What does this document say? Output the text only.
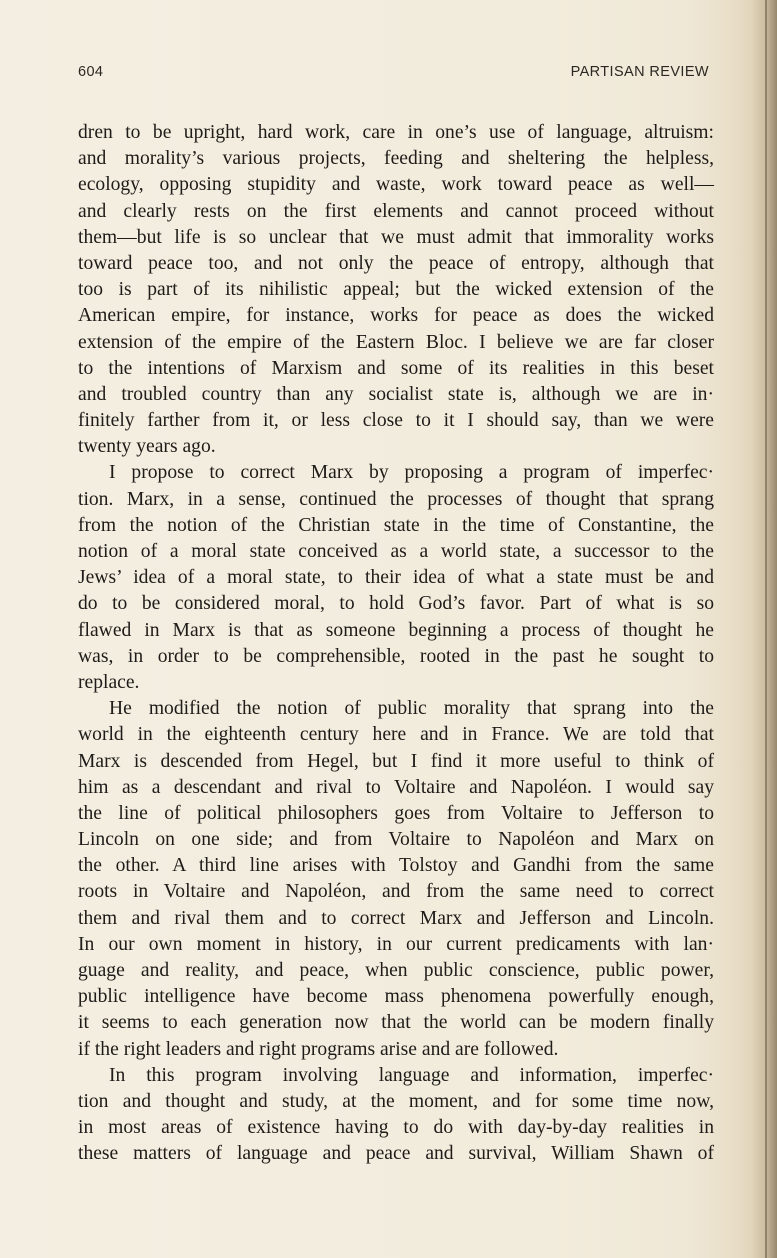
604	PARTISAN REVIEW
dren to be upright, hard work, care in one’s use of language, altruism:
and morality’s various projects, feeding and sheltering the helpless,
ecology, opposing stupidity and waste, work toward peace as well—
and clearly rests on the first elements and cannot proceed without
them—but life is so unclear that we must admit that immorality works
toward peace too, and not only the peace of entropy, although that
too is part of its nihilistic appeal; but the wicked extension of the
American empire, for instance, works for peace as does the wicked
extension of the empire of the Eastern Bloc. I believe we are far closer
to the intentions of Marxism and some of its realities in this beset
and troubled country than any socialist state is, although we are in·
finitely farther from it, or less close to it I should say, than we were
twenty years ago.
I propose to correct Marx by proposing a program of imperfec·
tion. Marx, in a sense, continued the processes of thought that sprang
from the notion of the Christian state in the time of Constantine, the
notion of a moral state conceived as a world state, a successor to the
Jews’ idea of a moral state, to their idea of what a state must be and
do to be considered moral, to hold God’s favor. Part of what is so
flawed in Marx is that as someone beginning a process of thought he
was, in order to be comprehensible, rooted in the past he sought to
replace.
He modified the notion of public morality that sprang into the
world in the eighteenth century here and in France. We are told that
Marx is descended from Hegel, but I find it more useful to think of
him as a descendant and rival to Voltaire and Napoléon. I would say
the line of political philosophers goes from Voltaire to Jefferson to
Lincoln on one side; and from Voltaire to Napoléon and Marx on
the other. A third line arises with Tolstoy and Gandhi from the same
roots in Voltaire and Napoléon, and from the same need to correct
them and rival them and to correct Marx and Jefferson and Lincoln.
In our own moment in history, in our current predicaments with lan·
guage and reality, and peace, when public conscience, public power,
public intelligence have become mass phenomena powerfully enough,
it seems to each generation now that the world can be modern finally
if the right leaders and right programs arise and are followed.
In this program involving language and information, imperfec·
tion and thought and study, at the moment, and for some time now,
in most areas of existence having to do with day-by-day realities in
these matters of language and peace and survival, William Shawn of
